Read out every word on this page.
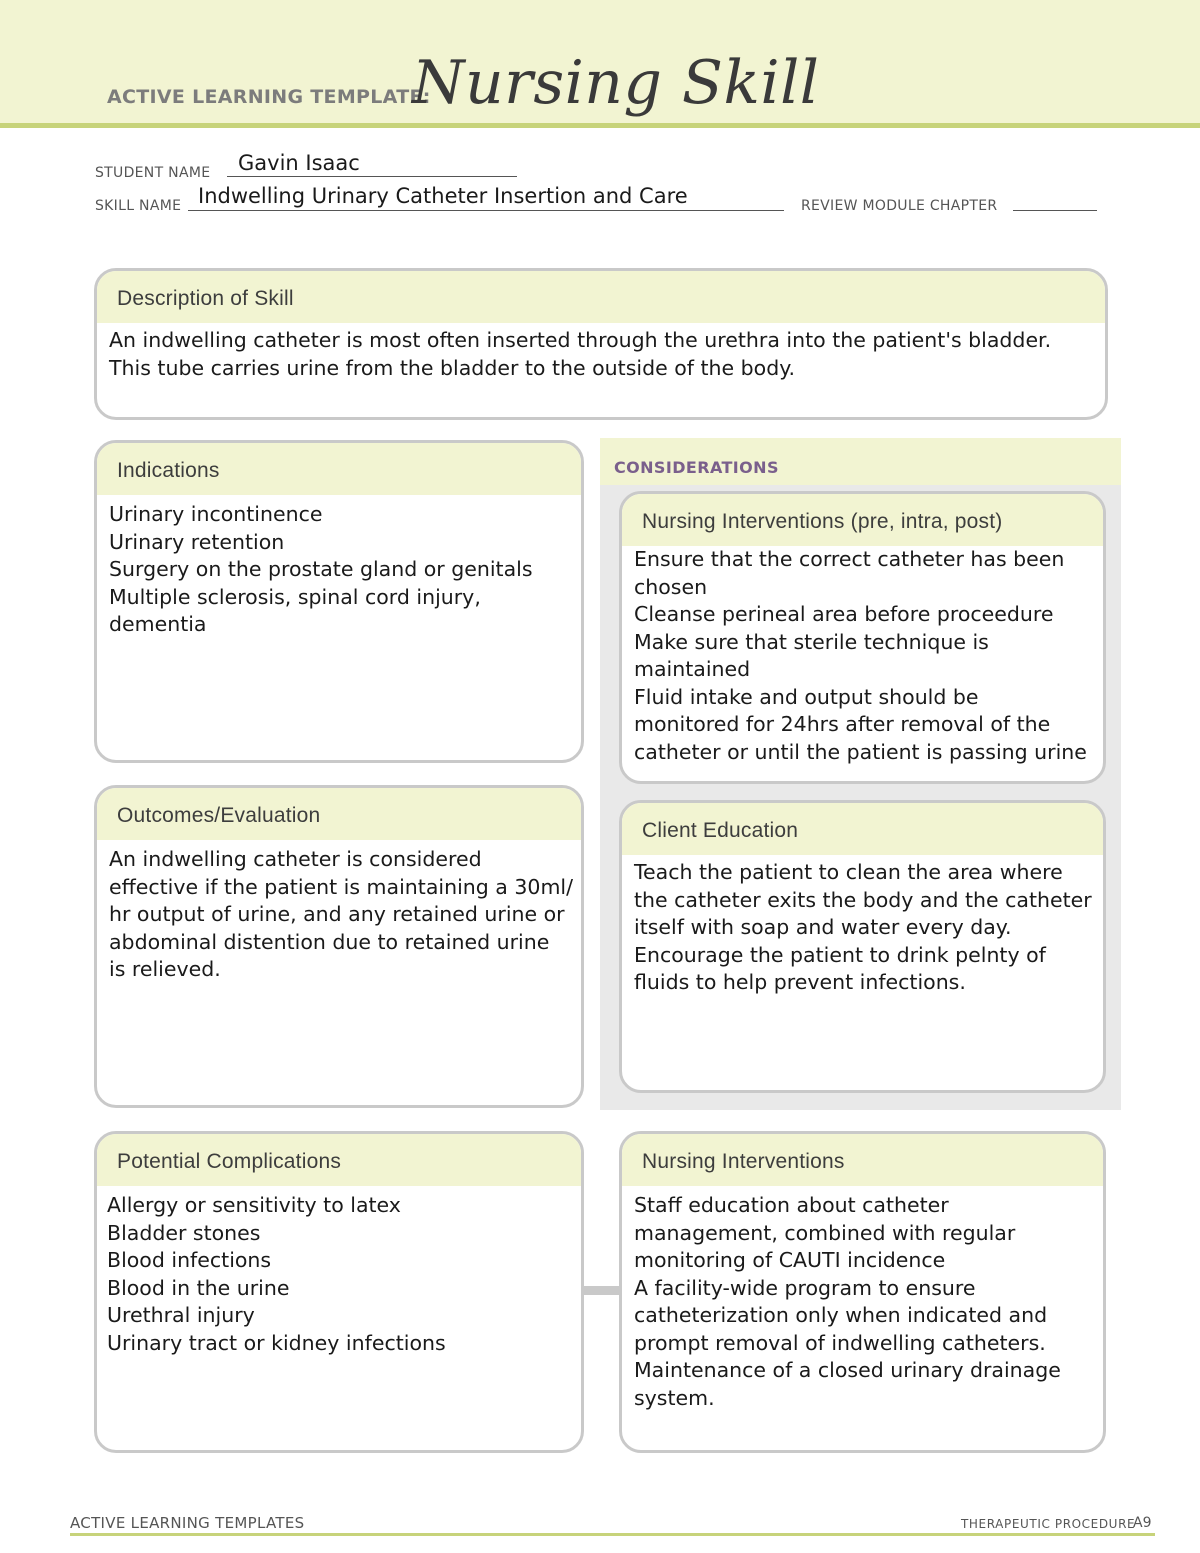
ACTIVE LEARNING TEMPLATE:
Nursing Skill
STUDENT NAME Gavin Isaac
SKILL NAME Indwelling Urinary Catheter Insertion and Care	REVIEW MODULE CHAPTER
Description of Skill
An indwelling catheter is most often inserted through the urethra into the patient's bladder.
This tube carries urine from the bladder to the outside of the body.
Indications
Urinary incontinence
Urinary retention
Surgery on the prostate gland or genitals
Multiple sclerosis, spinal cord injury,
dementia
CONSIDERATIONS
Nursing Interventions (pre, intra, post)
Ensure that the correct catheter has been
chosen
Cleanse perineal area before proceedure
Make sure that sterile technique is
maintained
Fluid intake and output should be
monitored for 24hrs after removal of the
catheter or until the patient is passing urine
Outcomes/Evaluation
An indwelling catheter is considered
effective if the patient is maintaining a 30ml/
hr output of urine, and any retained urine or
abdominal distention due to retained urine
is relieved.
Client Education
Teach the patient to clean the area where
the catheter exits the body and the catheter
itself with soap and water every day.
Encourage the patient to drink pelnty of
fluids to help prevent infections.
Potential Complications
Allergy or sensitivity to latex
Bladder stones
Blood infections
Blood in the urine
Urethral injury
Urinary tract or kidney infections
Nursing Interventions
Staff education about catheter
management, combined with regular
monitoring of CAUTI incidence
A facility-wide program to ensure
catheterization only when indicated and
prompt removal of indwelling catheters.
Maintenance of a closed urinary drainage
system.
ACTIVE LEARNING TEMPLATES	THERAPEUTIC PROCEDURE
A9
